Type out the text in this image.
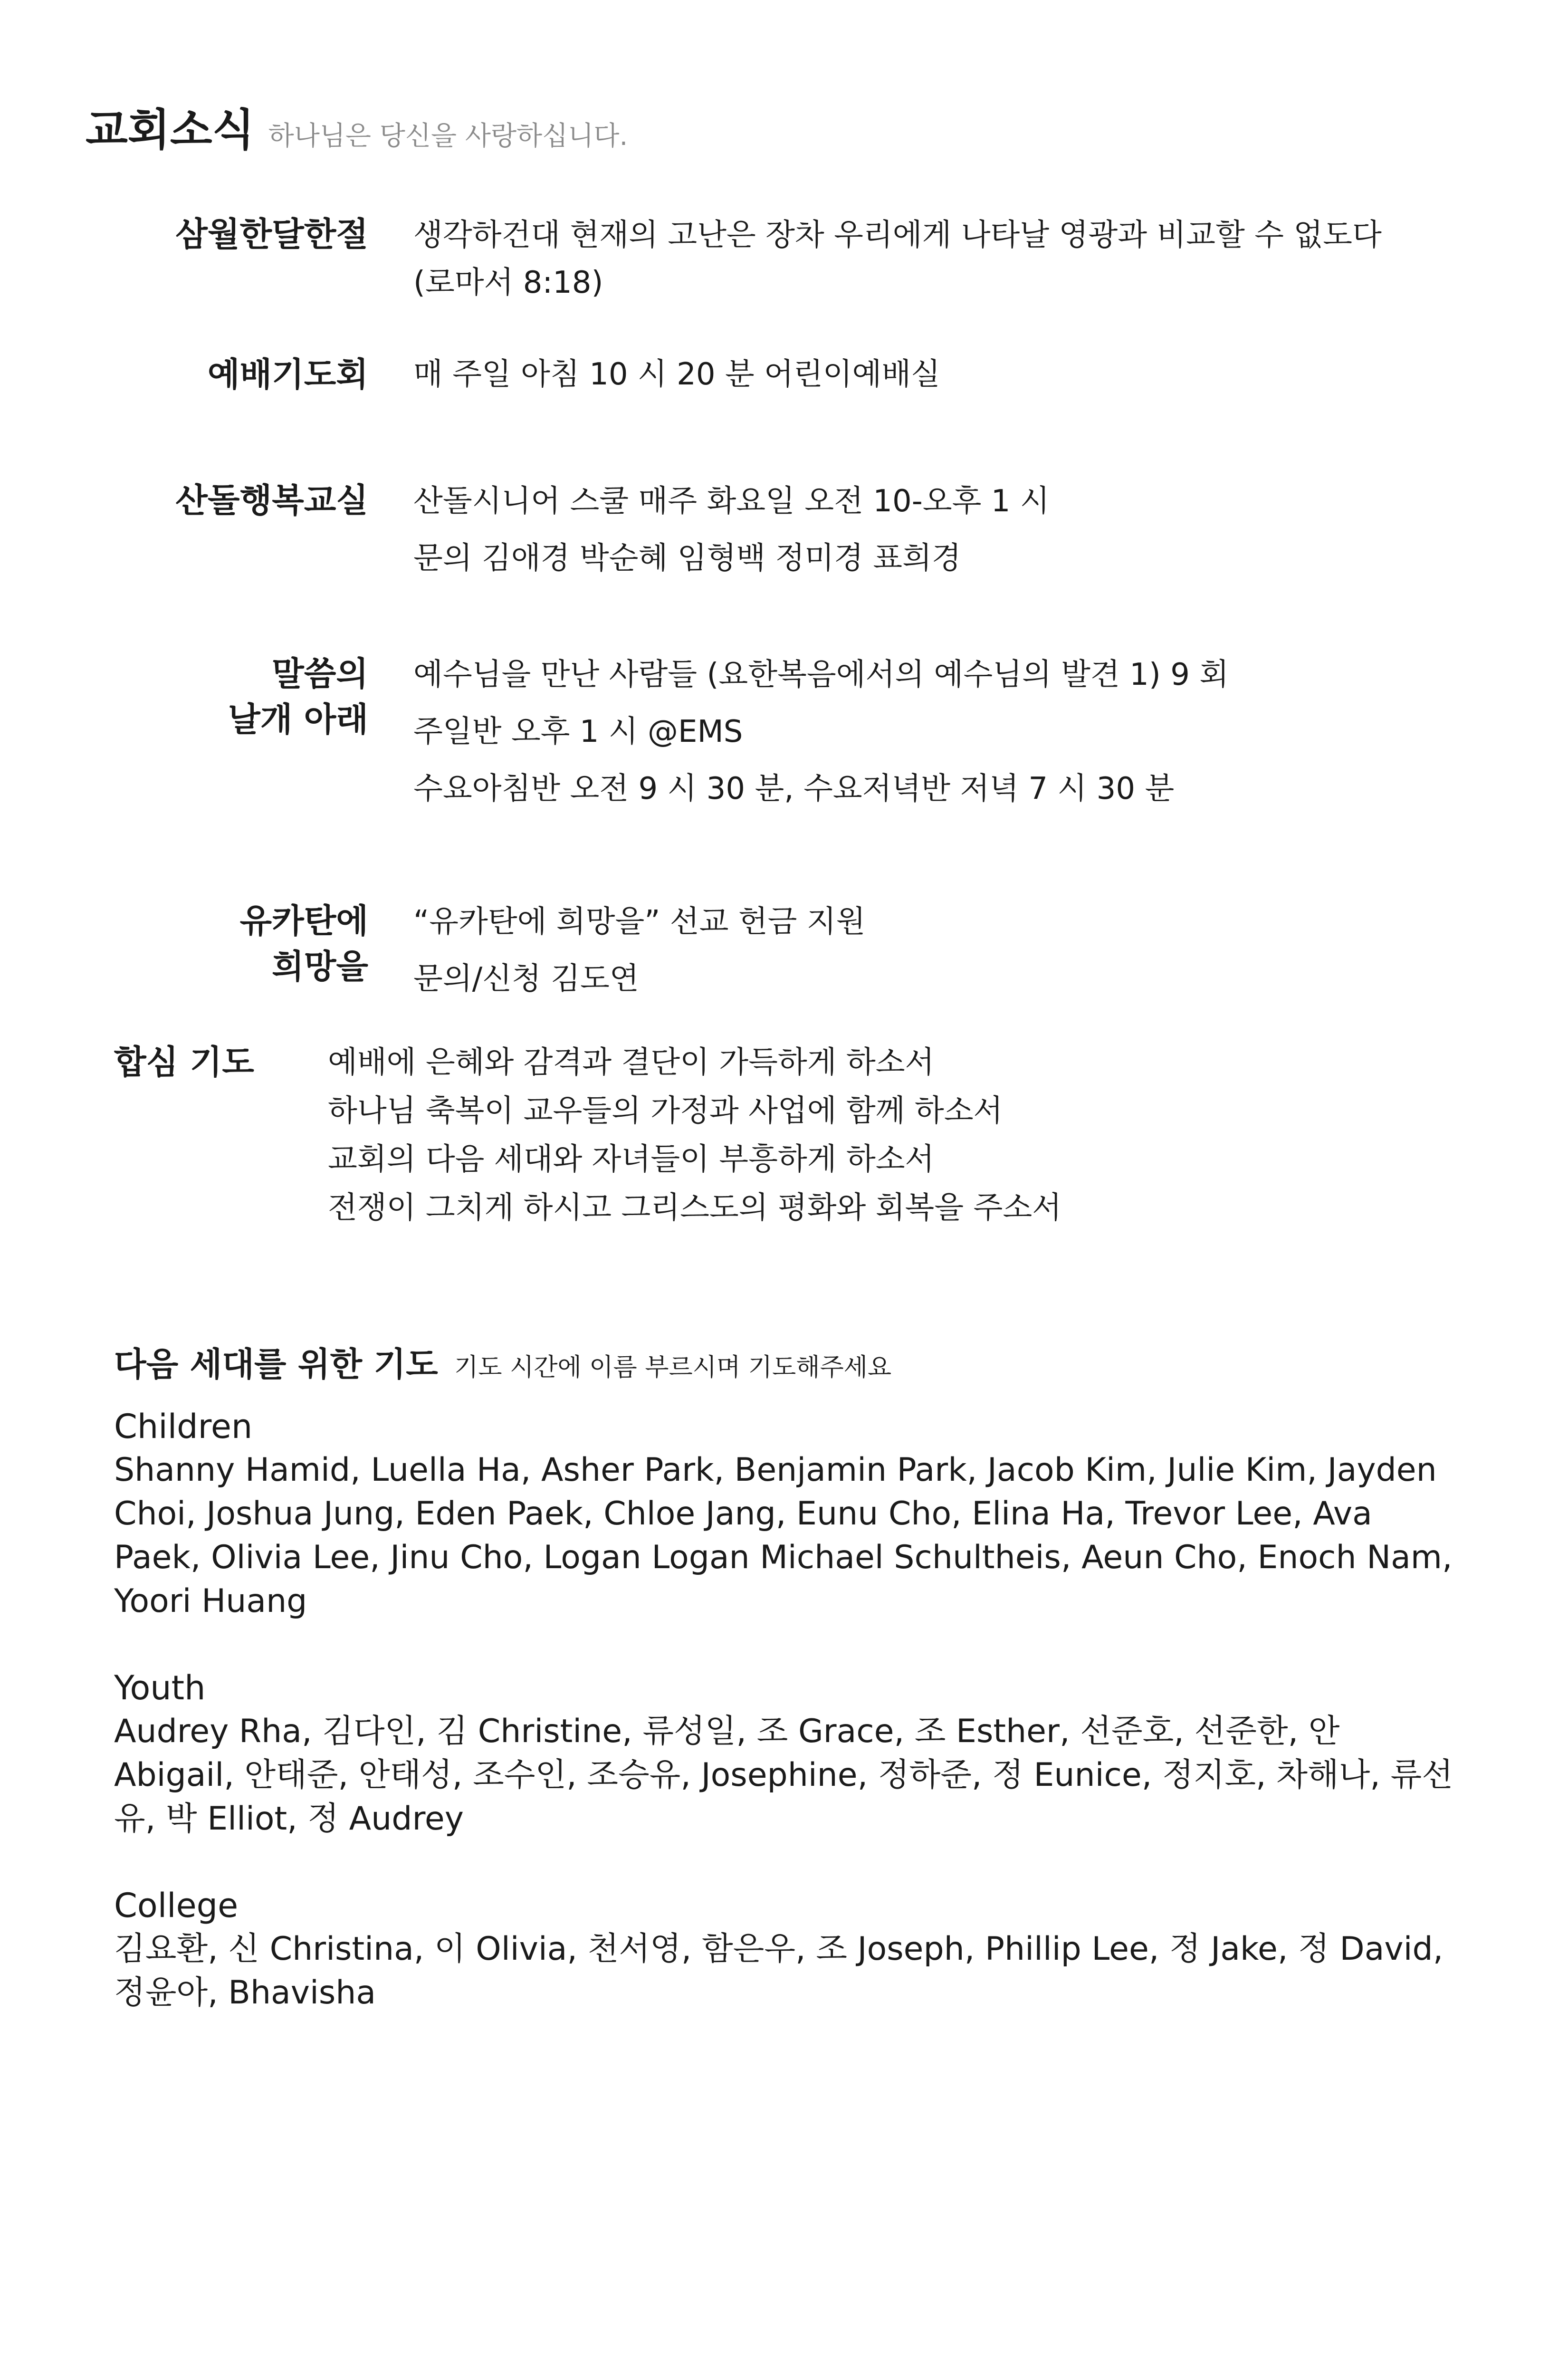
교회소식 하나님은 당신을 사랑하십니다.
삼월한달한절 생각하건대 현재의 고난은 장차 우리에게 나타날 영광과 비교할 수 없도다 (로마서 8:18)

예배기도회 매 주일 아침 10 시 20 분 어린이예배실

산돌행복교실 산돌시니어 스쿨 매주 화요일 오전 10-오후 1 시

문의 김애경 박순혜 임형백 정미경 표희경

말씀의
날개 아래

예수님을 만난 사람들 (요한복음에서의 예수님의 발견 1) 9 회

주일반 오후 1 시 @EMS

수요아침반 오전 9 시 30 분, 수요저녁반 저녁 7 시 30 분

유카탄에
희망을

“유카탄에 희망을” 선교 헌금 지원

문의/신청 김도연

합심 기도 예배에 은혜와 감격과 결단이 가득하게 하소서

하나님 축복이 교우들의 가정과 사업에 함께 하소서

교회의 다음 세대와 자녀들이 부흥하게 하소서

전쟁이 그치게 하시고 그리스도의 평화와 회복을 주소서

다음 세대를 위한 기도 기도 시간에 이름 부르시며 기도해주세요
Children
Shanny Hamid, Luella Ha, Asher Park, Benjamin Park, Jacob Kim, Julie Kim, Jayden Choi, Joshua Jung, Eden Paek, Chloe Jang, Eunu Cho, Elina Ha, Trevor Lee, Ava Paek, Olivia Lee, Jinu Cho, Logan Logan Michael Schultheis, Aeun Cho, Enoch Nam, Yoori Huang
Youth
Audrey Rha, 김다인, 김 Christine, 류성일, 조 Grace, 조 Esther, 선준호, 선준한, 안 Abigail, 안태준, 안태성, 조수인, 조승유, Josephine, 정하준, 정 Eunice, 정지호, 차해나, 류선유, 박 Elliot, 정 Audrey
College
김요환, 신 Christina, 이 Olivia, 천서영, 함은우, 조 Joseph, Phillip Lee, 정 Jake, 정 David, 정윤아, Bhavisha
